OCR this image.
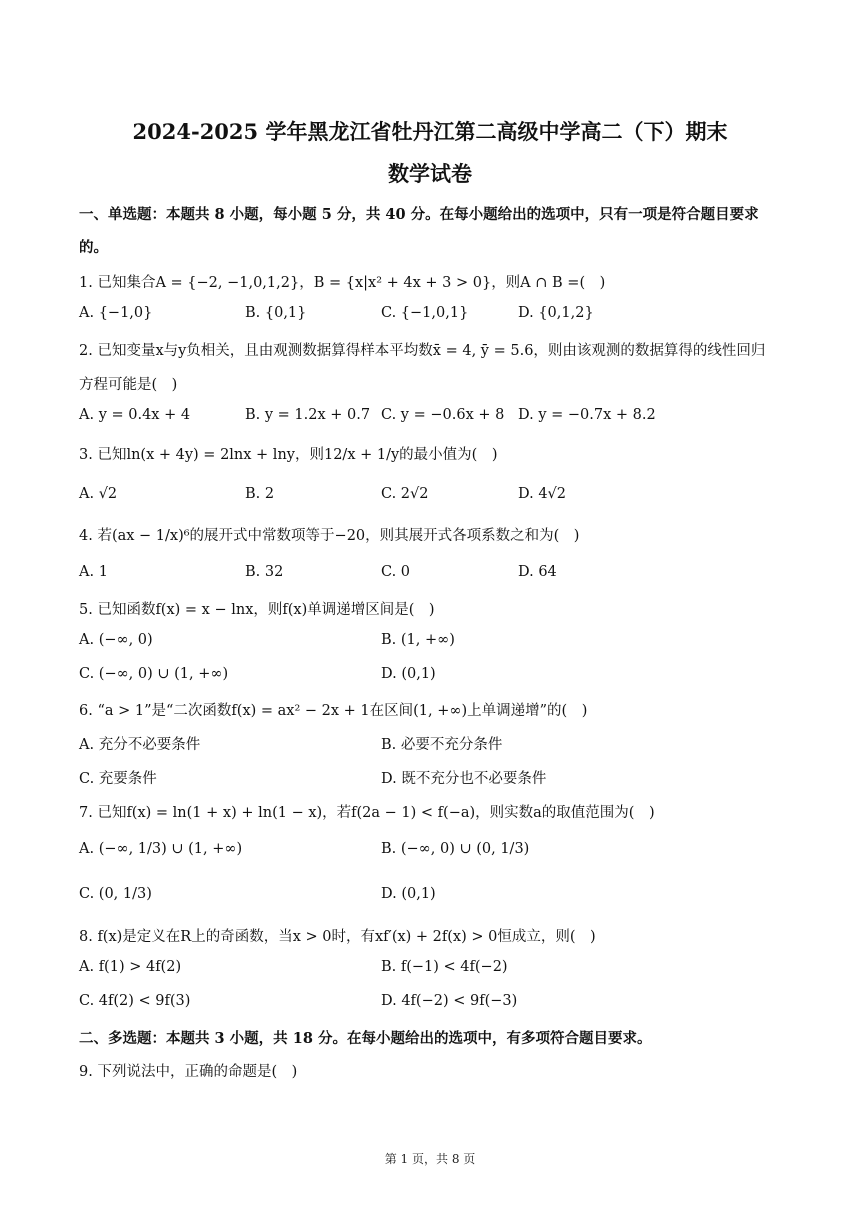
2024-2025 学年黑龙江省牡丹江第二高级中学高二（下）期末
数学试卷
一、单选题：本题共 8 小题，每小题 5 分，共 40 分。在每小题给出的选项中，只有一项是符合题目要求
的。
1. 已知集合A = {−2, −1,0,1,2}，B = {x|x² + 4x + 3 > 0}，则A ∩ B =(　)
A. {−1,0}	B. {0,1}	C. {−1,0,1}	D. {0,1,2}
2. 已知变量x与y负相关，且由观测数据算得样本平均数x̄ = 4, ȳ = 5.6，则由该观测的数据算得的线性回归
方程可能是(　)
A. y = 0.4x + 4	B. y = 1.2x + 0.7 C. y = −0.6x + 8 D. y = −0.7x + 8.2
3. 已知ln(x + 4y) = 2lnx + lny，则12/x + 1/y的最小值为(　)
A. √2	B. 2	C. 2√2	D. 4√2
4. 若(ax − 1/x)⁶的展开式中常数项等于−20，则其展开式各项系数之和为(　)
A. 1	B. 32	C. 0	D. 64
5. 已知函数f(x) = x − lnx，则f(x)单调递增区间是(　)
A. (−∞, 0)	B. (1, +∞)
C. (−∞, 0) ∪ (1, +∞)	D. (0,1)
6. “a > 1”是“二次函数f(x) = ax² − 2x + 1在区间(1, +∞)上单调递增”的(　)
A. 充分不必要条件	B. 必要不充分条件
C. 充要条件	D. 既不充分也不必要条件
7. 已知f(x) = ln(1 + x) + ln(1 − x)，若f(2a − 1) < f(−a)，则实数a的取值范围为(　)
A. (−∞, 1/3) ∪ (1, +∞)	B. (−∞, 0) ∪ (0, 1/3)
C. (0, 1/3)	D. (0,1)
8. f(x)是定义在R上的奇函数，当x > 0时，有xf′(x) + 2f(x) > 0恒成立，则(　)
A. f(1) > 4f(2)	B. f(−1) < 4f(−2)
C. 4f(2) < 9f(3)	D. 4f(−2) < 9f(−3)
二、多选题：本题共 3 小题，共 18 分。在每小题给出的选项中，有多项符合题目要求。
9. 下列说法中，正确的命题是(　)
第 1 页，共 8 页
